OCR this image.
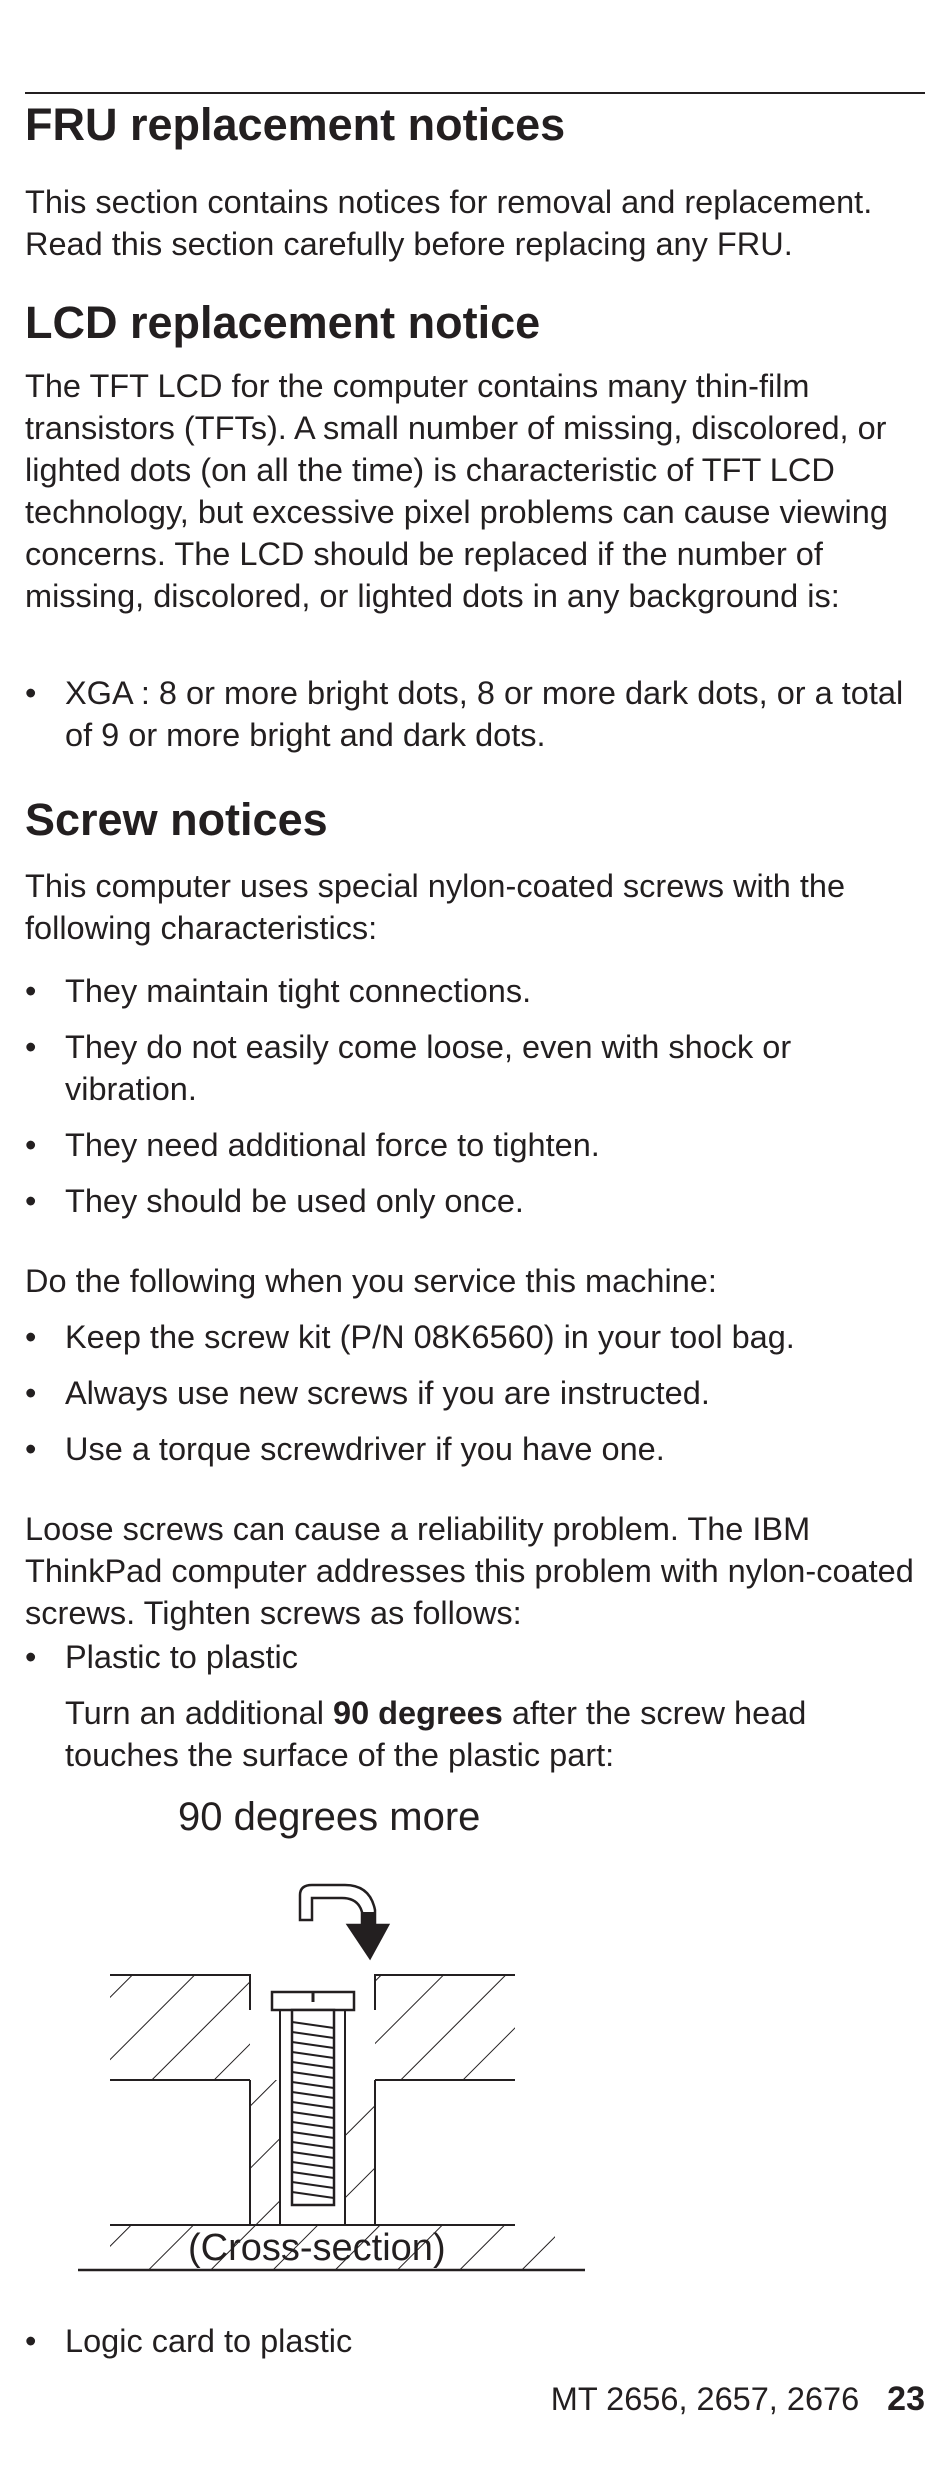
FRU replacement notices

This section contains notices for removal and replacement. Read this section carefully before replacing any FRU.

LCD replacement notice

The TFT LCD for the computer contains many thin-film transistors (TFTs). A small number of missing, discolored, or lighted dots (on all the time) is characteristic of TFT LCD technology, but excessive pixel problems can cause viewing concerns. The LCD should be replaced if the number of missing, discolored, or lighted dots in any background is:

• XGA : 8 or more bright dots, 8 or more dark dots, or a total of 9 or more bright and dark dots.
Screw notices

This computer uses special nylon-coated screws with the following characteristics:

• They maintain tight connections.
• They do not easily come loose, even with shock or vibration.
• They need additional force to tighten.
• They should be used only once.

Do the following when you service this machine:

• Keep the screw kit (P/N 08K6560) in your tool bag.
• Always use new screws if you are instructed.
• Use a torque screwdriver if you have one.

Loose screws can cause a reliability problem. The IBM ThinkPad computer addresses this problem with nylon-coated screws. Tighten screws as follows:

• Plastic to plastic

Turn an additional 90 degrees after the screw head touches the surface of the plastic part:

90 degrees more
(Cross-section)
• Logic card to plastic
MT 2656, 2657, 2676 23
